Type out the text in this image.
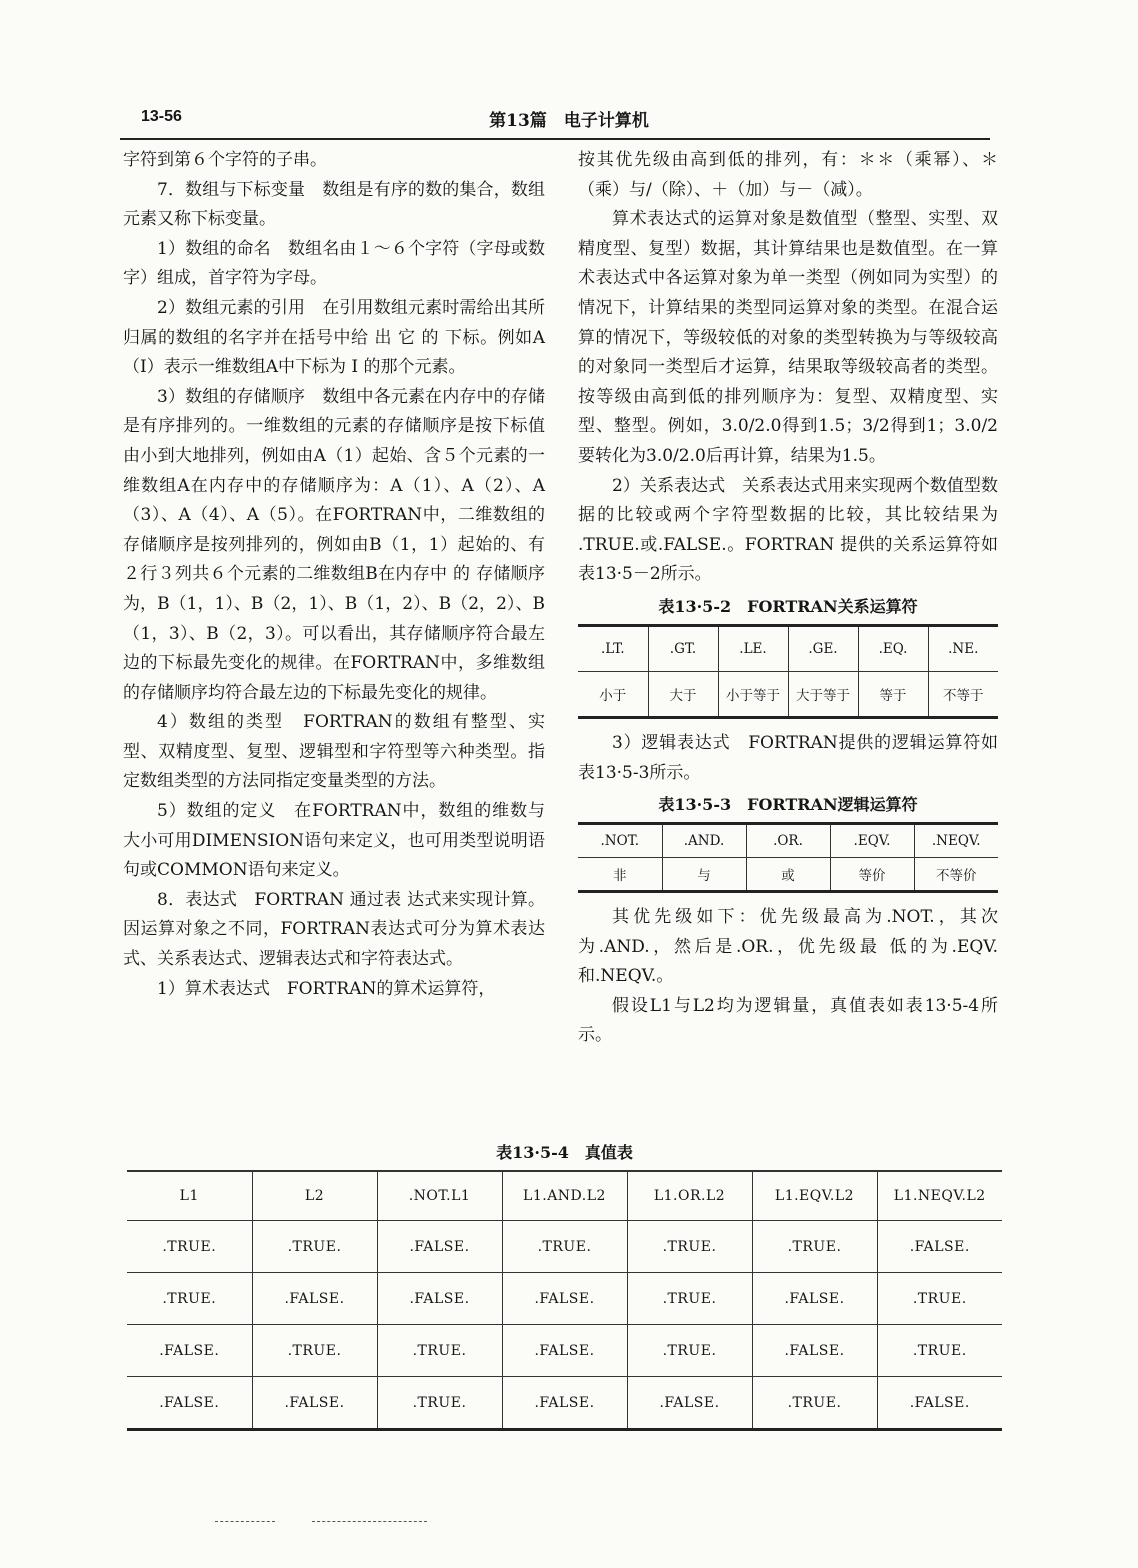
13-56	第13篇　电子计算机

字符到第６个字符的子串。

7．数组与下标变量　数组是有序的数的集合，数组元素又称下标变量。

1）数组的命名　数组名由１～６个字符（字母或数字）组成，首字符为字母。

2）数组元素的引用　在引用数组元素时需给出其所归属的数组的名字并在括号中给 出 它 的 下标。例如A（I）表示一维数组A中下标为 I 的那个元素。

3）数组的存储顺序　数组中各元素在内存中的存储是有序排列的。一维数组的元素的存储顺序是按下标值由小到大地排列，例如由A（1）起始、含５个元素的一维数组A在内存中的存储顺序为：A（1）、A（2）、A（3）、A（4）、A（5）。在FORTRAN中，二维数组的存储顺序是按列排列的，例如由B（1，1）起始的、有２行３列共６个元素的二维数组B在内存中 的 存储顺序为，B（1，1）、B（2，1）、B（1，2）、B（2，2）、B（1，3）、B（2，3）。可以看出，其存储顺序符合最左边的下标最先变化的规律。在FORTRAN中，多维数组的存储顺序均符合最左边的下标最先变化的规律。

4）数组的类型　FORTRAN的数组有整型、实型、双精度型、复型、逻辑型和字符型等六种类型。指定数组类型的方法同指定变量类型的方法。

5）数组的定义　在FORTRAN中，数组的维数与大小可用DIMENSION语句来定义，也可用类型说明语句或COMMON语句来定义。

8．表达式　FORTRAN 通过表 达式来实现计算。因运算对象之不同，FORTRAN表达式可分为算术表达式、关系表达式、逻辑表达式和字符表达式。

1）算术表达式　FORTRAN的算术运算符，

按其优先级由高到低的排列，有：＊＊（乘幂）、＊（乘）与/（除）、＋（加）与－（减）。

算术表达式的运算对象是数值型（整型、实型、双精度型、复型）数据，其计算结果也是数值型。在一算术表达式中各运算对象为单一类型（例如同为实型）的情况下，计算结果的类型同运算对象的类型。在混合运算的情况下，等级较低的对象的类型转换为与等级较高的对象同一类型后才运算，结果取等级较高者的类型。按等级由高到低的排列顺序为：复型、双精度型、实型、整型。例如，3.0/2.0得到1.5；3/2得到1；3.0/2要转化为3.0/2.0后再计算，结果为1.5。

2）关系表达式　关系表达式用来实现两个数值型数据的比较或两个字符型数据的比较，其比较结果为 .TRUE.或.FALSE.。FORTRAN 提供的关系运算符如表13·5－2所示。

表13·5-2　FORTRAN关系运算符
.LT.	.GT.	.LE.	.GE.	.EQ.	.NE.
小于	大于	小于等于	大于等于	等于	不等于

3）逻辑表达式　FORTRAN提供的逻辑运算符如表13·5-3所示。

表13·5-3　FORTRAN逻辑运算符
.NOT.	.AND.	.OR.	.EQV.	.NEQV.
非	与	或	等价	不等价

其优先级如下：优先级最高为.NOT.，其次为.AND.，然后是.OR.，优先级最 低的为.EQV.和.NEQV.。

假设L1与L2均为逻辑量，真值表如表13·5-4所示。

表13·5-4　真值表
L1	L2	.NOT.L1	L1.AND.L2	L1.OR.L2	L1.EQV.L2	L1.NEQV.L2
.TRUE.	.TRUE.	.FALSE.	.TRUE.	.TRUE.	.TRUE.	.FALSE.
.TRUE.	.FALSE.	.FALSE.	.FALSE.	.TRUE.	.FALSE.	.TRUE.
.FALSE.	.TRUE.	.TRUE.	.FALSE.	.TRUE.	.FALSE.	.TRUE.
.FALSE.	.FALSE.	.TRUE.	.FALSE.	.FALSE.	.TRUE.	.FALSE.
